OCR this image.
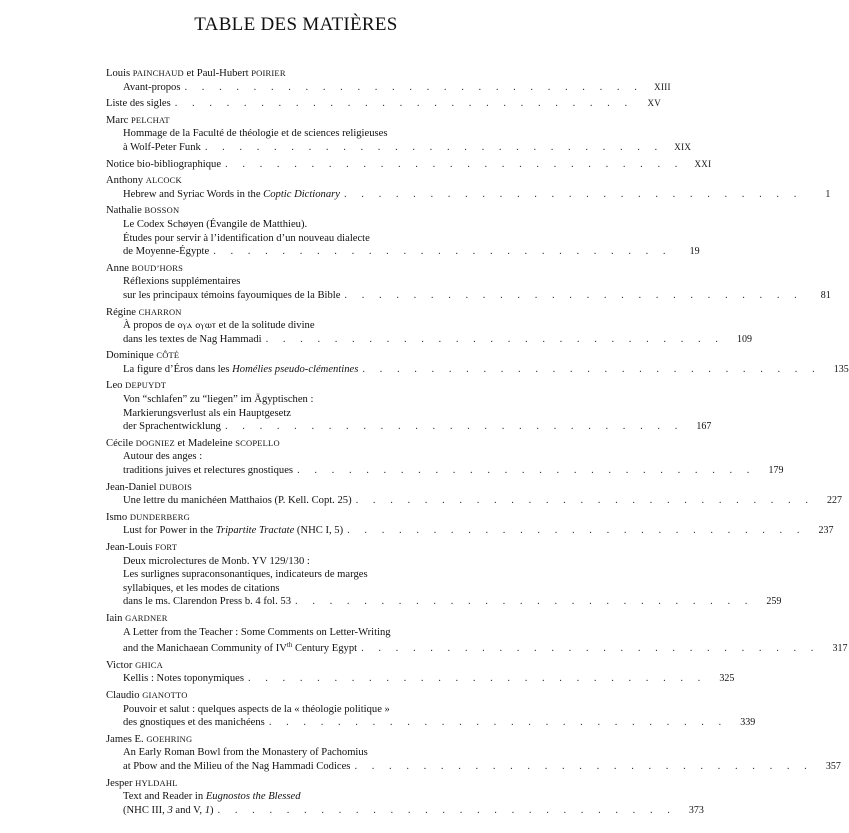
TABLE DES MATIÈRES
Louis PAINCHAUD et Paul-Hubert POIRIER
Avant-propos . . . . . . . . . . . . . . . . . . . . . . . . . . .	XIII
Liste des sigles . . . . . . . . . . . . . . . . . . . . . . . . . . .	XV
Marc PELCHAT
Hommage de la Faculté de théologie et de sciences religieuses
à Wolf-Peter Funk . . . . . . . . . . . . . . . . . . . . . . . . . . .	XIX
Notice bio-bibliographique . . . . . . . . . . . . . . . . . . . . . . . . . . .	XXI
Anthony ALCOCK
Hebrew and Syriac Words in the Coptic Dictionary . . . . . . . . . . . . . . . . . . . . . . . . . . .	1
Nathalie BOSSON
Le Codex Schøyen (Évangile de Matthieu).
Études pour servir à l’identification d’un nouveau dialecte
de Moyenne-Égypte . . . . . . . . . . . . . . . . . . . . . . . . . . .	19
Anne BOUD’HORS
Réflexions supplémentaires
sur les principaux témoins fayoumiques de la Bible . . . . . . . . . . . . . . . . . . . . . . . . . . .	81
Régine CHARRON
À propos de ⲟⲩⲁ ⲟⲩⲱⲧ et de la solitude divine
dans les textes de Nag Hammadi . . . . . . . . . . . . . . . . . . . . . . . . . . .	109
Dominique CÔTÉ
La figure d’Éros dans les Homélies pseudo-clémentines . . . . . . . . . . . . . . . . . . . . . . . . . . .	135
Leo DEPUYDT
Von “schlafen” zu “liegen” im Ägyptischen :
Markierungsverlust als ein Hauptgesetz
der Sprachentwicklung . . . . . . . . . . . . . . . . . . . . . . . . . . .	167
Cécile DOGNIEZ et Madeleine SCOPELLO
Autour des anges :
traditions juives et relectures gnostiques . . . . . . . . . . . . . . . . . . . . . . . . . . .	179
Jean-Daniel DUBOIS
Une lettre du manichéen Matthaios (P. Kell. Copt. 25) . . . . . . . . . . . . . . . . . . . . . . . . . . .	227
Ismo DUNDERBERG
Lust for Power in the Tripartite Tractate (NHC I, 5) . . . . . . . . . . . . . . . . . . . . . . . . . . .	237
Jean-Louis FORT
Deux microlectures de Monb. YV 129/130 :
Les surlignes supraconsonantiques, indicateurs de marges
syllabiques, et les modes de citations
dans le ms. Clarendon Press b. 4 fol. 53 . . . . . . . . . . . . . . . . . . . . . . . . . . .	259
Iain GARDNER
A Letter from the Teacher : Some Comments on Letter-Writing
and the Manichaean Community of IVth Century Egypt . . . . . . . . . . . . . . . . . . . . . . . . . . .	317
Victor GHICA
Kellis : Notes toponymiques . . . . . . . . . . . . . . . . . . . . . . . . . . .	325
Claudio GIANOTTO
Pouvoir et salut : quelques aspects de la « théologie politique »
des gnostiques et des manichéens . . . . . . . . . . . . . . . . . . . . . . . . . . .	339
James E. GOEHRING
An Early Roman Bowl from the Monastery of Pachomius
at Pbow and the Milieu of the Nag Hammadi Codices . . . . . . . . . . . . . . . . . . . . . . . . . . .	357
Jesper HYLDAHL
Text and Reader in Eugnostos the Blessed
(NHC III, 3 and V, 1) . . . . . . . . . . . . . . . . . . . . . . . . . . .	373
